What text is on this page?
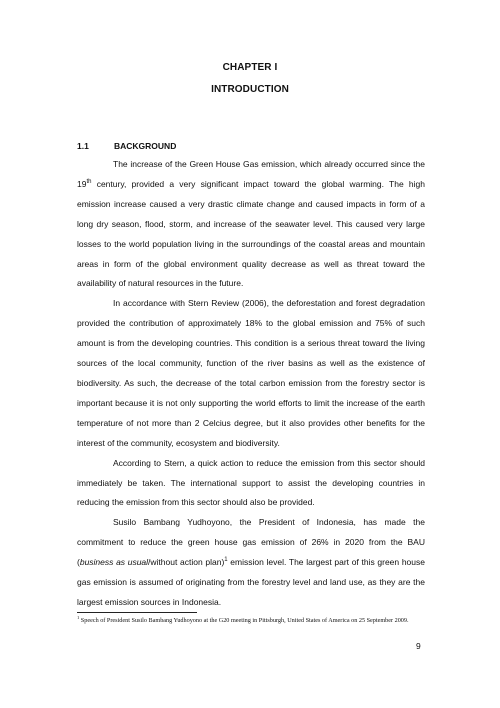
CHAPTER I
INTRODUCTION
1.1	BACKGROUND

The increase of the Green House Gas emission, which already occurred since the 19th century, provided a very significant impact toward the global warming. The high emission increase caused a very drastic climate change and caused impacts in form of a long dry season, flood, storm, and increase of the seawater level. This caused very large losses to the world population living in the surroundings of the coastal areas and mountain areas in form of the global environment quality decrease as well as threat toward the availability of natural resources in the future.

In accordance with Stern Review (2006), the deforestation and forest degradation provided the contribution of approximately 18% to the global emission and 75% of such amount is from the developing countries. This condition is a serious threat toward the living sources of the local community, function of the river basins as well as the existence of biodiversity. As such, the decrease of the total carbon emission from the forestry sector is important because it is not only supporting the world efforts to limit the increase of the earth temperature of not more than 2 Celcius degree, but it also provides other benefits for the interest of the community, ecosystem and biodiversity.

According to Stern, a quick action to reduce the emission from this sector should immediately be taken. The international support to assist the developing countries in reducing the emission from this sector should also be provided.

Susilo Bambang Yudhoyono, the President of Indonesia, has made the commitment to reduce the green house gas emission of 26% in 2020 from the BAU (business as usual/without action plan)$^1$ emission level. The largest part of this green house gas emission is assumed of originating from the forestry level and land use, as they are the largest emission sources in Indonesia.

$^1$ Speech of President Susilo Bambang Yudhoyono at the G20 meeting in Pittsburgh, United States of America on 25 September 2009.
9
